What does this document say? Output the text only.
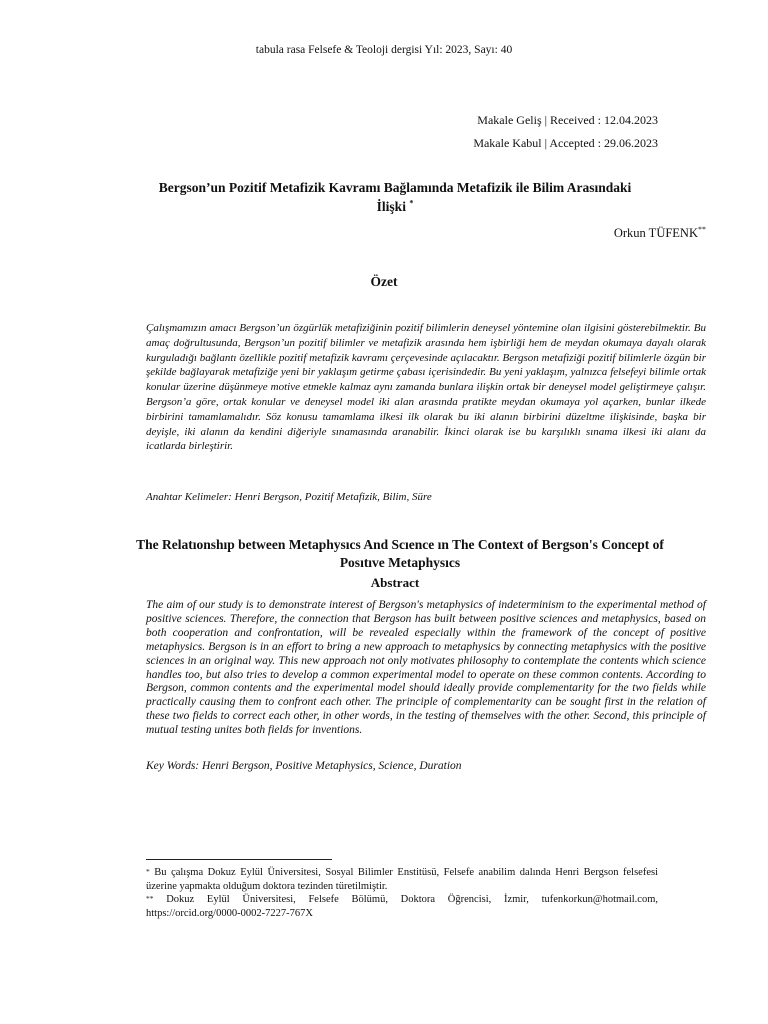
tabula rasa Felsefe & Teoloji dergisi Yıl: 2023, Sayı: 40
Makale Geliş | Received : 12.04.2023
Makale Kabul | Accepted : 29.06.2023
Bergson’un Pozitif Metafizik Kavramı Bağlamında Metafizik ile Bilim Arasındaki İlişki *
Orkun TÜFENK**
Özet

Çalışmamızın amacı Bergson’un özgürlük metafiziğinin pozitif bilimlerin deneysel yöntemine olan ilgisini gösterebilmektir. Bu amaç doğrultusunda, Bergson’un pozitif bilimler ve metafizik arasında hem işbirliği hem de meydan okumaya dayalı olarak kurguladığı bağlantı özellikle pozitif metafizik kavramı çerçevesinde açılacaktır. Bergson metafiziği pozitif bilimlerle özgün bir şekilde bağlayarak metafiziğe yeni bir yaklaşım getirme çabası içerisindedir. Bu yeni yaklaşım, yalnızca felsefeyi bilimle ortak konular üzerine düşünmeye motive etmekle kalmaz aynı zamanda bunlara ilişkin ortak bir deneysel model geliştirmeye çalışır. Bergson’a göre, ortak konular ve deneysel model iki alan arasında pratikte meydan okumaya yol açarken, bunlar ilkede birbirini tamamlamalıdır. Söz konusu tamamlama ilkesi ilk olarak bu iki alanın birbirini düzeltme ilişkisinde, başka bir deyişle, iki alanın da kendini diğeriyle sınamasında aranabilir. İkinci olarak ise bu karşılıklı sınama ilkesi iki alanı da icatlarda birleştirir.

Anahtar Kelimeler: Henri Bergson, Pozitif Metafizik, Bilim, Süre
The Relatıonshıp between Metaphysıcs And Scıence ın The Context of Bergson's Concept of Posıtıve Metaphysıcs
Abstract

The aim of our study is to demonstrate interest of Bergson's metaphysics of indeterminism to the experimental method of positive sciences. Therefore, the connection that Bergson has built between positive sciences and metaphysics, based on both cooperation and confrontation, will be revealed especially within the framework of the concept of positive metaphysics. Bergson is in an effort to bring a new approach to metaphysics by connecting metaphysics with the positive sciences in an original way. This new approach not only motivates philosophy to contemplate the contents which science handles too, but also tries to develop a common experimental model to operate on these common contents. According to Bergson, common contents and the experimental model should ideally provide complementarity for the two fields while practically causing them to confront each other. The principle of complementarity can be sought first in the relation of these two fields to correct each other, in other words, in the testing of themselves with the other. Second, this principle of mutual testing unites both fields for inventions.

Key Words: Henri Bergson, Positive Metaphysics, Science, Duration

* Bu çalışma Dokuz Eylül Üniversitesi, Sosyal Bilimler Enstitüsü, Felsefe anabilim dalında Henri Bergson felsefesi üzerine yapmakta olduğum doktora tezinden türetilmiştir.

** Dokuz Eylül Üniversitesi, Felsefe Bölümü, Doktora Öğrencisi, İzmir, tufenkorkun@hotmail.com, https://orcid.org/0000-0002-7227-767X
